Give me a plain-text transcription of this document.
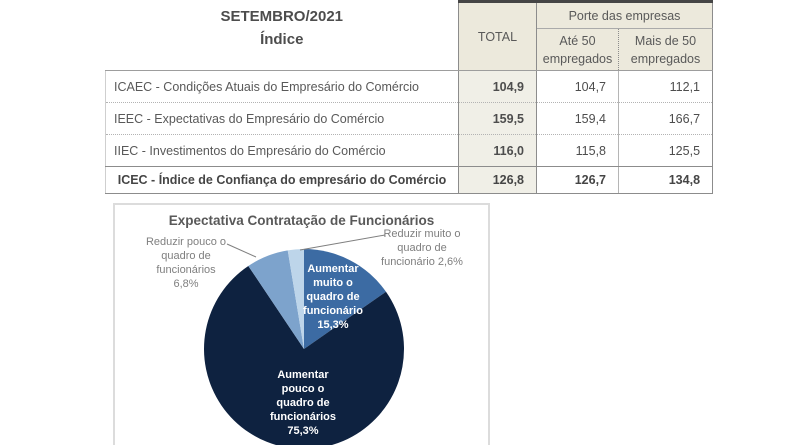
SETEMBRO/2021
Índice	TOTAL	Porte das empresas	
		Até 50 empregados	Mais de 50 empregados
ICAEC - Condições Atuais do Empresário do Comércio	104,9	104,7	112,1
IEEC - Expectativas do Empresário do Comércio	159,5	159,4	166,7
IIEC - Investimentos do Empresário do Comércio	116,0	115,8	125,5
ICEC - Índice de Confiança do empresário do Comércio	126,8	126,7	134,8
Expectativa Contratação de Funcionários
Aumentar muito o quadro de funcionário 15,3%
Aumentar pouco o quadro de funcionários 75,3%
Reduzir pouco o quadro de funcionários 6,8%
Reduzir muito o quadro de funcionário 2,6%
